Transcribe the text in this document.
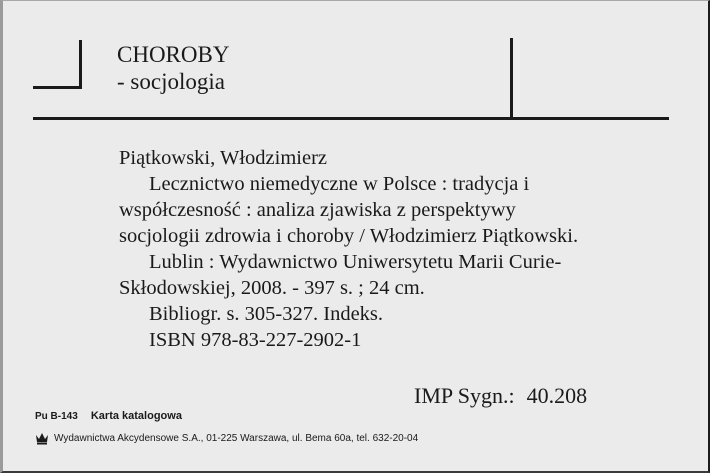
CHOROBY
- socjologia
Piątkowski, Włodzimierz
Lecznictwo niemedyczne w Polsce : tradycja i
współczesność : analiza zjawiska z perspektywy
socjologii zdrowia i choroby / Włodzimierz Piątkowski.
Lublin : Wydawnictwo Uniwersytetu Marii Curie-
Skłodowskiej, 2008. - 397 s. ; 24 cm.
Bibliogr. s. 305-327. Indeks.
ISBN 978-83-227-2902-1
IMP Sygn.: 40.208
Pu B-143 Karta katalogowa
Wydawnictwa Akcydensowe S.A., 01-225 Warszawa, ul. Bema 60a, tel. 632-20-04
